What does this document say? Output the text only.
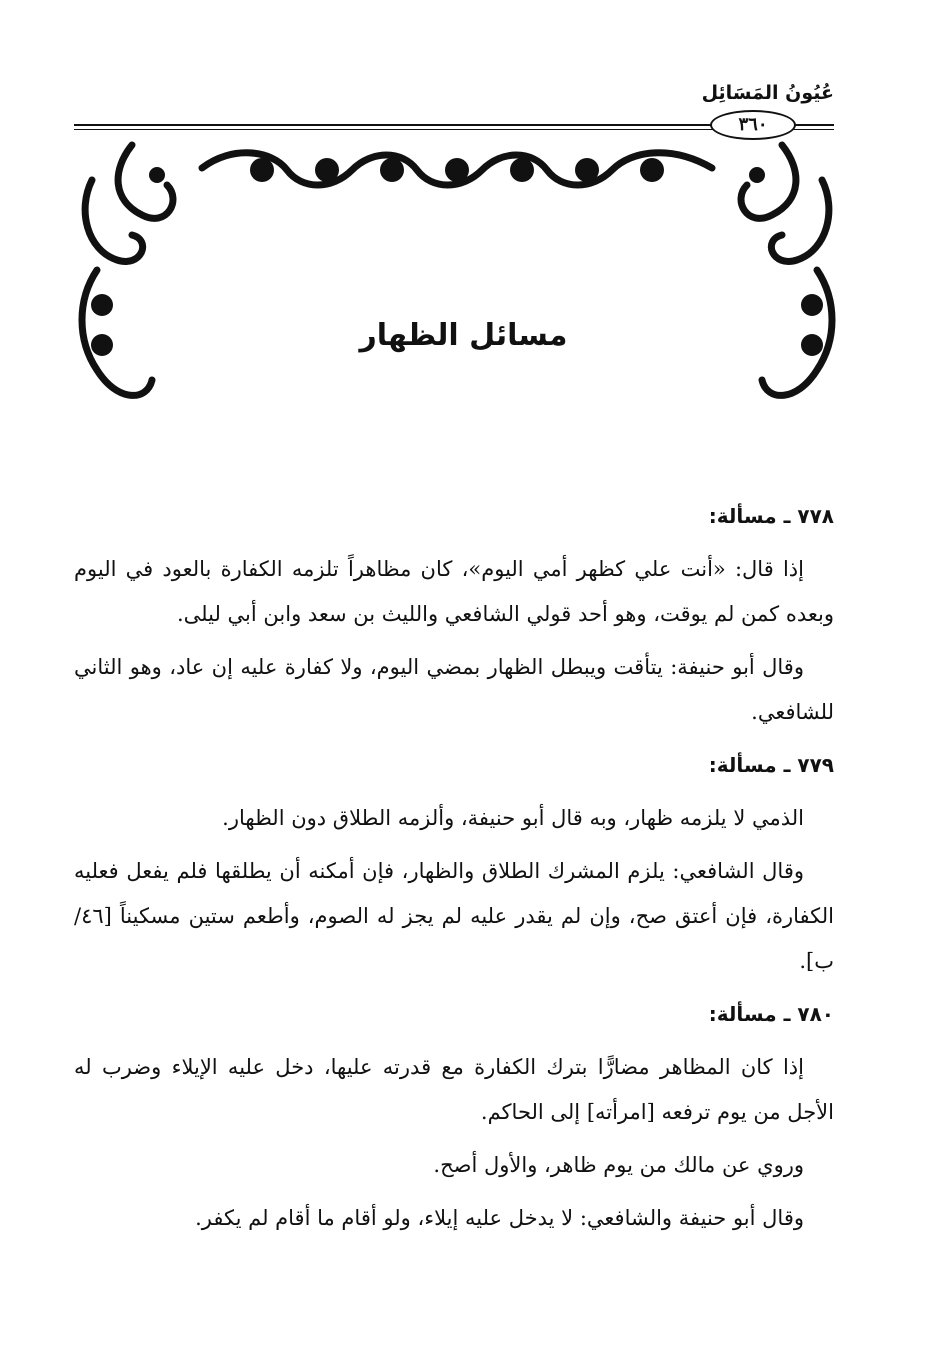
عُيُونُ المَسَائِل
٣٦٠
مسائل الظهار
٧٧٨ ـ مسألة:

إذا قال: «أنت علي كظهر أمي اليوم»، كان مظاهراً تلزمه الكفارة بالعود في اليوم وبعده كمن لم يوقت، وهو أحد قولي الشافعي والليث بن سعد وابن أبي ليلى.

وقال أبو حنيفة: يتأقت ويبطل الظهار بمضي اليوم، ولا كفارة عليه إن عاد، وهو الثاني للشافعي.

٧٧٩ ـ مسألة:

الذمي لا يلزمه ظهار، وبه قال أبو حنيفة، وألزمه الطلاق دون الظهار.

وقال الشافعي: يلزم المشرك الطلاق والظهار، فإن أمكنه أن يطلقها فلم يفعل فعليه الكفارة، فإن أعتق صح، وإن لم يقدر عليه لم يجز له الصوم، وأطعم ستين مسكيناً [٤٦/ب].

٧٨٠ ـ مسألة:

إذا كان المظاهر مضارًّا بترك الكفارة مع قدرته عليها، دخل عليه الإيلاء وضرب له الأجل من يوم ترفعه [امرأته] إلى الحاكم.

وروي عن مالك من يوم ظاهر، والأول أصح.

وقال أبو حنيفة والشافعي: لا يدخل عليه إيلاء، ولو أقام ما أقام لم يكفر.
